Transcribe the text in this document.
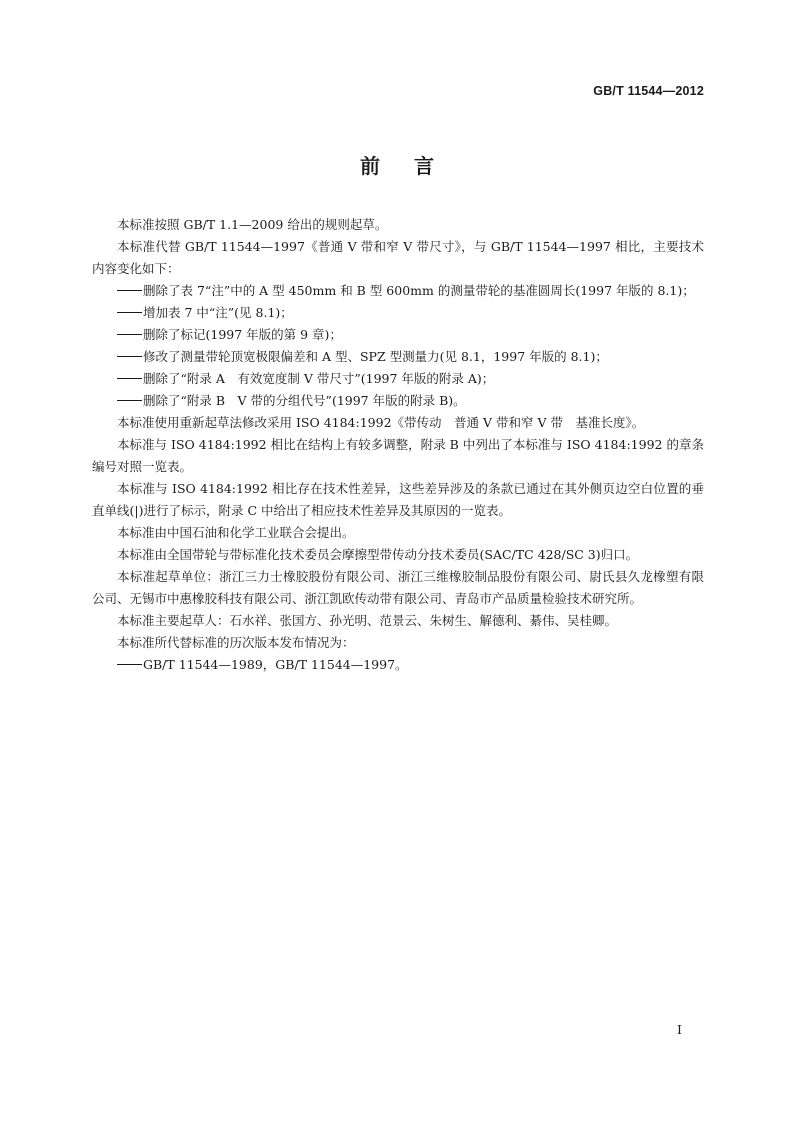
GB/T 11544—2012
前言

本标准按照 GB/T 1.1—2009 给出的规则起草。

本标准代替 GB/T 11544—1997《普通 V 带和窄 V 带尺寸》，与 GB/T 11544—1997 相比，主要技术内容变化如下：

删除了表 7“注”中的 A 型 450mm 和 B 型 600mm 的测量带轮的基准圆周长(1997 年版的 8.1)；

增加表 7 中“注”(见 8.1)；

删除了标记(1997 年版的第 9 章)；

修改了测量带轮顶宽极限偏差和 A 型、SPZ 型测量力(见 8.1，1997 年版的 8.1)；

删除了“附录 A　有效宽度制 V 带尺寸”(1997 年版的附录 A)；

删除了“附录 B　V 带的分组代号”(1997 年版的附录 B)。

本标准使用重新起草法修改采用 ISO 4184:1992《带传动　普通 V 带和窄 V 带　基准长度》。

本标准与 ISO 4184:1992 相比在结构上有较多调整，附录 B 中列出了本标准与 ISO 4184:1992 的章条编号对照一览表。

本标准与 ISO 4184:1992 相比存在技术性差异，这些差异涉及的条款已通过在其外侧页边空白位置的垂直单线(|)进行了标示，附录 C 中给出了相应技术性差异及其原因的一览表。

本标准由中国石油和化学工业联合会提出。

本标准由全国带轮与带标准化技术委员会摩擦型带传动分技术委员(SAC/TC 428/SC 3)归口。

本标准起草单位：浙江三力士橡胶股份有限公司、浙江三维橡胶制品股份有限公司、尉氏县久龙橡塑有限公司、无锡市中惠橡胶科技有限公司、浙江凯欧传动带有限公司、青岛市产品质量检验技术研究所。

本标准主要起草人：石水祥、张国方、孙光明、范景云、朱树生、解德利、綦伟、吴桂卿。

本标准所代替标准的历次版本发布情况为：

GB/T 11544—1989，GB/T 11544—1997。

I
